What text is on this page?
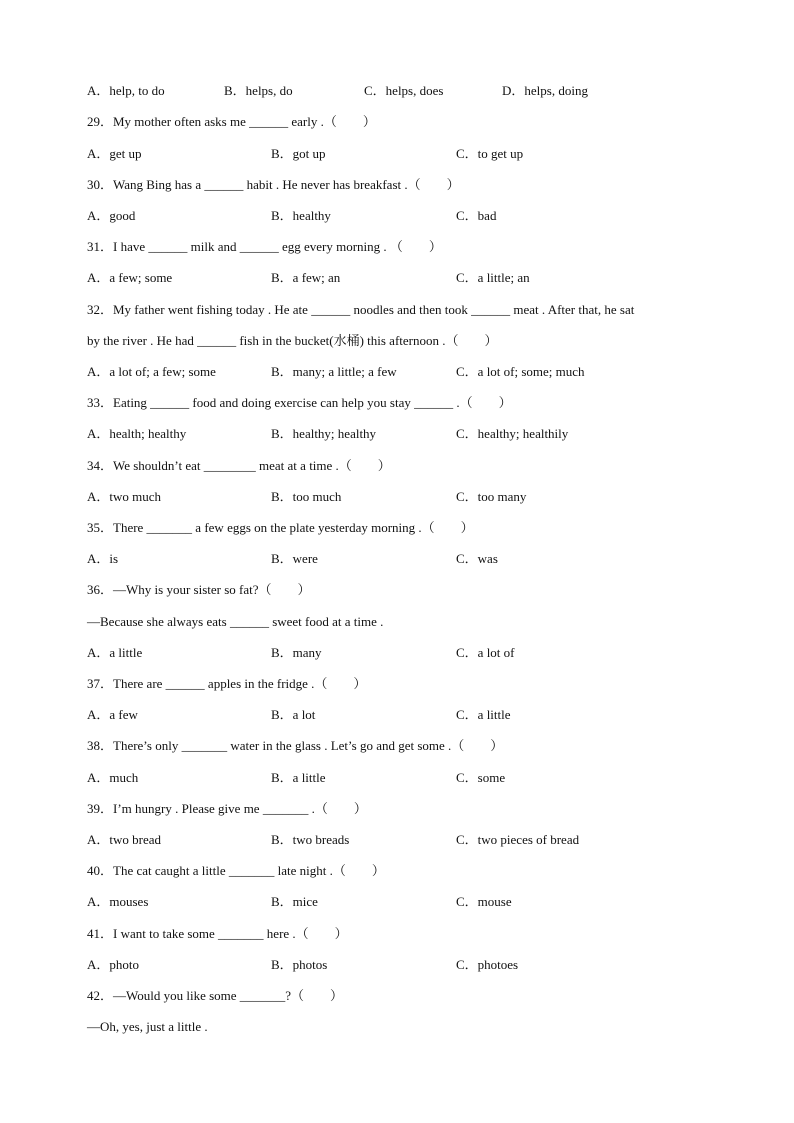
A．help, to do	B．helps, do	C．helps, does	D．helps, doing
29．My mother often asks me ______ early .（　　）
A．get up	B．got up	C．to get up
30．Wang Bing has a ______ habit . He never has breakfast .（　　）
A．good	B．healthy	C．bad
31．I have ______ milk and ______ egg every morning . （　　）
A．a few; some	B．a few; an	C．a little; an
32．My father went fishing today . He ate ______ noodles and then took ______ meat . After that, he sat
by the river . He had ______ fish in the bucket(水桶) this afternoon .（　　）
A．a lot of; a few; some	B．many; a little; a few	C．a lot of; some; much
33．Eating ______ food and doing exercise can help you stay ______ .（　　）
A．health; healthy	B．healthy; healthy	C．healthy; healthily
34．We shouldn’t eat ________ meat at a time .（　　）
A．two much	B．too much	C．too many
35．There _______ a few eggs on the plate yesterday morning .（　　）
A．is	B．were	C．was
36．—Why is your sister so fat?（　　）
—Because she always eats ______ sweet food at a time .
A．a little	B．many	C．a lot of
37．There are ______ apples in the fridge .（　　）
A．a few	B．a lot	C．a little
38．There’s only _______ water in the glass . Let’s go and get some .（　　）
A．much	B．a little	C．some
39．I’m hungry . Please give me _______ .（　　）
A．two bread	B．two breads	C．two pieces of bread
40．The cat caught a little _______ late night .（　　）
A．mouses	B．mice	C．mouse
41．I want to take some _______ here .（　　）
A．photo	B．photos	C．photoes
42．—Would you like some _______?（　　）
—Oh, yes, just a little .
